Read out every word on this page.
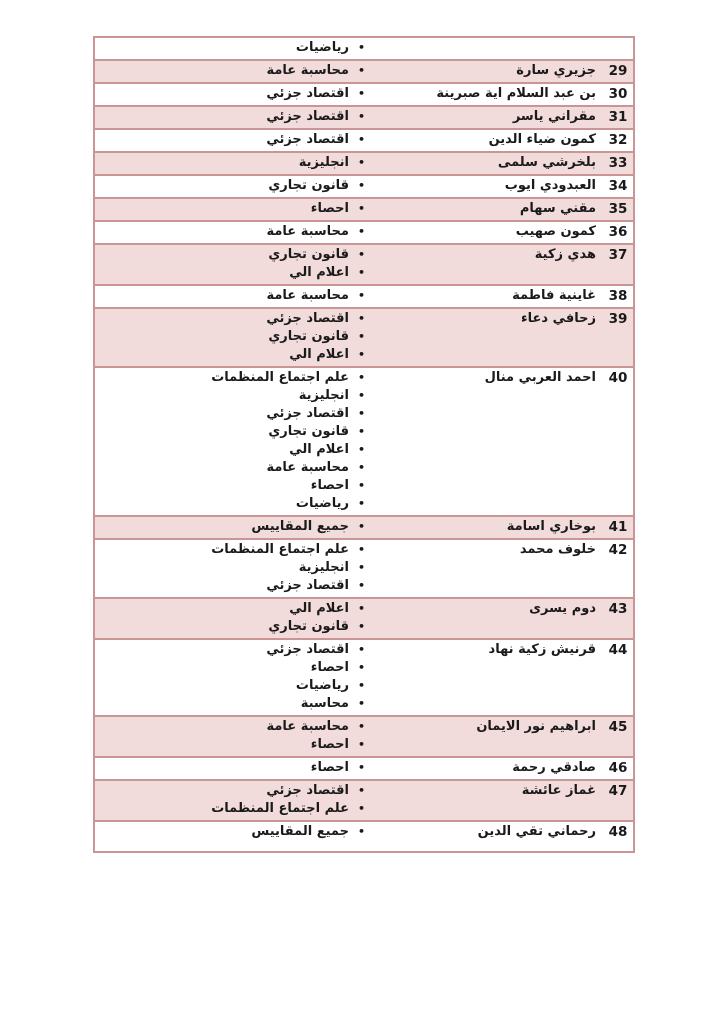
•
رياضيات
29
جزيري سارة
•
محاسبة عامة
30
بن عبد السلام اية صبرينة
•
اقتصاد جزئي
31
مقراني ياسر
•
اقتصاد جزئي
32
كمون ضياء الدين
•
اقتصاد جزئي
33
بلخرشي سلمى
•
انجليزية
34
العبدودي ايوب
•
قانون تجاري
35
مقني سهام
•
احصاء
36
كمون صهيب
•
محاسبة عامة
37
هدي زكية
•
قانون تجاري
•
اعلام الي
38
غاينية فاطمة
•
محاسبة عامة
39
زحافي دعاء
•
اقتصاد جزئي
•
قانون تجاري
•
اعلام الي
40
احمد العربي منال
•
علم اجتماع المنظمات
•
انجليزية
•
اقتصاد جزئي
•
قانون تجاري
•
اعلام الي
•
محاسبة عامة
•
احصاء
•
رياضيات
41
بوخاري اسامة
•
جميع المقاييس
42
خلوف محمد
•
علم اجتماع المنظمات
•
انجليزية
•
اقتصاد جزئي
43
دوم يسرى
•
اعلام الي
•
قانون تجاري
44
قرنيش زكية نهاد
•
اقتصاد جزئي
•
احصاء
•
رياضيات
•
محاسبة
45
ابراهيم نور الايمان
•
محاسبة عامة
•
احصاء
46
صادقي رحمة
•
احصاء
47
غماز عائشة
•
اقتصاد جزئي
•
علم اجتماع المنظمات
48
رحماني تقي الدين
•
جميع المقاييس
